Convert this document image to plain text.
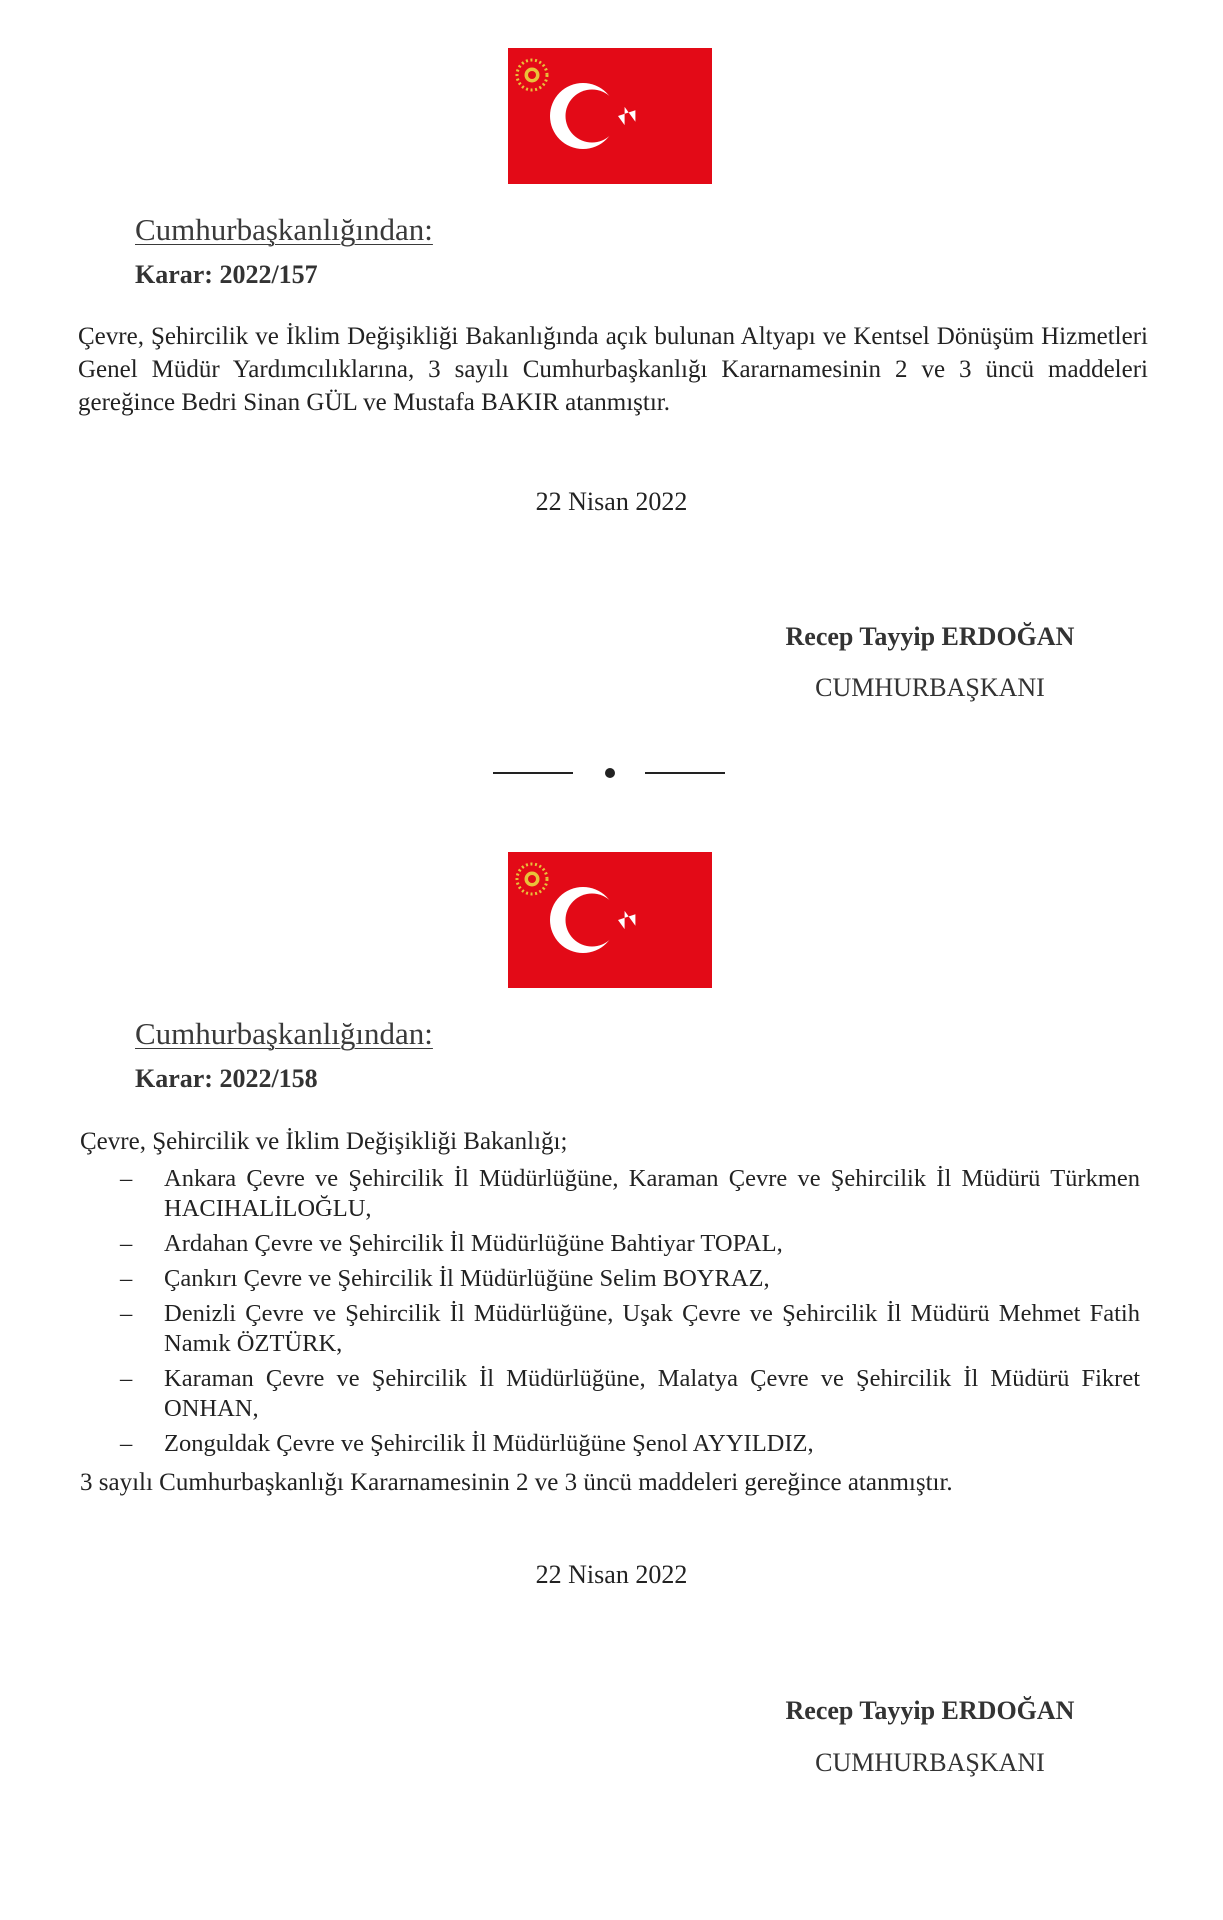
Cumhurbaşkanlığından:

Karar: 2022/157

Çevre, Şehircilik ve İklim Değişikliği Bakanlığında açık bulunan Altyapı ve Kentsel Dönüşüm Hizmetleri Genel Müdür Yardımcılıklarına, 3 sayılı Cumhurbaşkanlığı Kararnamesinin 2 ve 3 üncü maddeleri gereğince Bedri Sinan GÜL ve Mustafa BAKIR atanmıştır.

22 Nisan 2022

Recep Tayyip ERDOĞAN

CUMHURBAŞKANI

Cumhurbaşkanlığından:

Karar: 2022/158

Çevre, Şehircilik ve İklim Değişikliği Bakanlığı;

– Ankara Çevre ve Şehircilik İl Müdürlüğüne, Karaman Çevre ve Şehircilik İl Müdürü Türkmen HACIHALİLOĞLU,
– Ardahan Çevre ve Şehircilik İl Müdürlüğüne Bahtiyar TOPAL,
– Çankırı Çevre ve Şehircilik İl Müdürlüğüne Selim BOYRAZ,
– Denizli Çevre ve Şehircilik İl Müdürlüğüne, Uşak Çevre ve Şehircilik İl Müdürü Mehmet Fatih Namık ÖZTÜRK,
– Karaman Çevre ve Şehircilik İl Müdürlüğüne, Malatya Çevre ve Şehircilik İl Müdürü Fikret ONHAN,
– Zonguldak Çevre ve Şehircilik İl Müdürlüğüne Şenol AYYILDIZ,

3 sayılı Cumhurbaşkanlığı Kararnamesinin 2 ve 3 üncü maddeleri gereğince atanmıştır.

22 Nisan 2022

Recep Tayyip ERDOĞAN

CUMHURBAŞKANI
